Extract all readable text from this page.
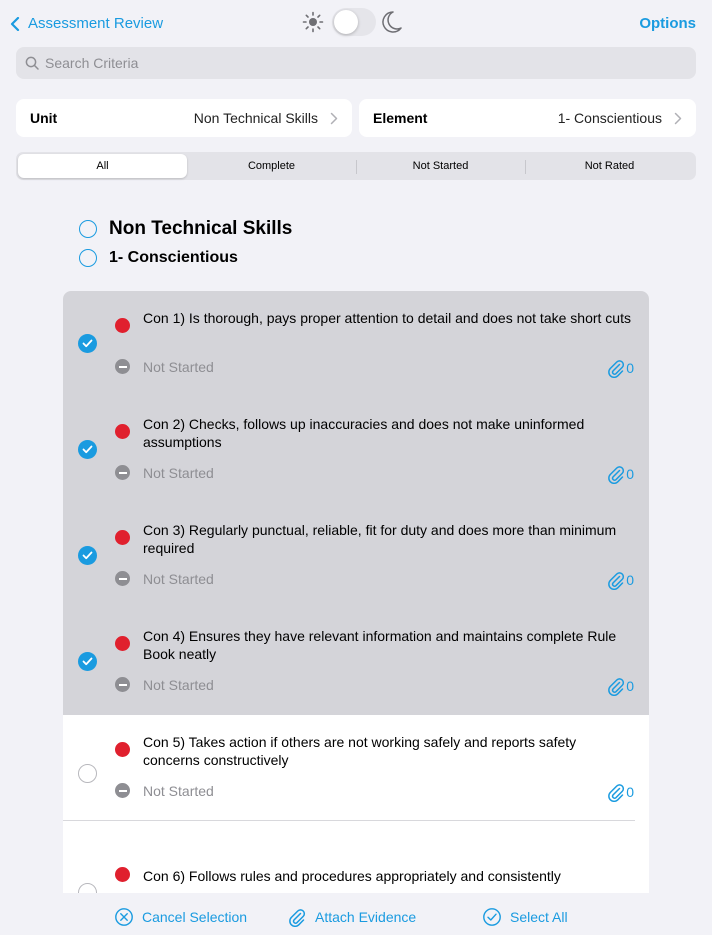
Assessment Review	Options
Search Criteria
Unit	Non Technical Skills	Element	1- Conscientious
All	Complete	Not Started	Not Rated
Non Technical Skills
1- Conscientious
Con 1) Is thorough, pays proper attention to detail and does not take short cuts
Not Started	0
Con 2) Checks, follows up inaccuracies and does not make uninformed assumptions
Not Started	0
Con 3) Regularly punctual, reliable, fit for duty and does more than minimum required
Not Started	0
Con 4) Ensures they have relevant information and maintains complete Rule Book neatly
Not Started	0
Con 5) Takes action if others are not working safely and reports safety concerns constructively
Not Started	0
Con 6) Follows rules and procedures appropriately and consistently
Cancel Selection	Attach Evidence	Select All
